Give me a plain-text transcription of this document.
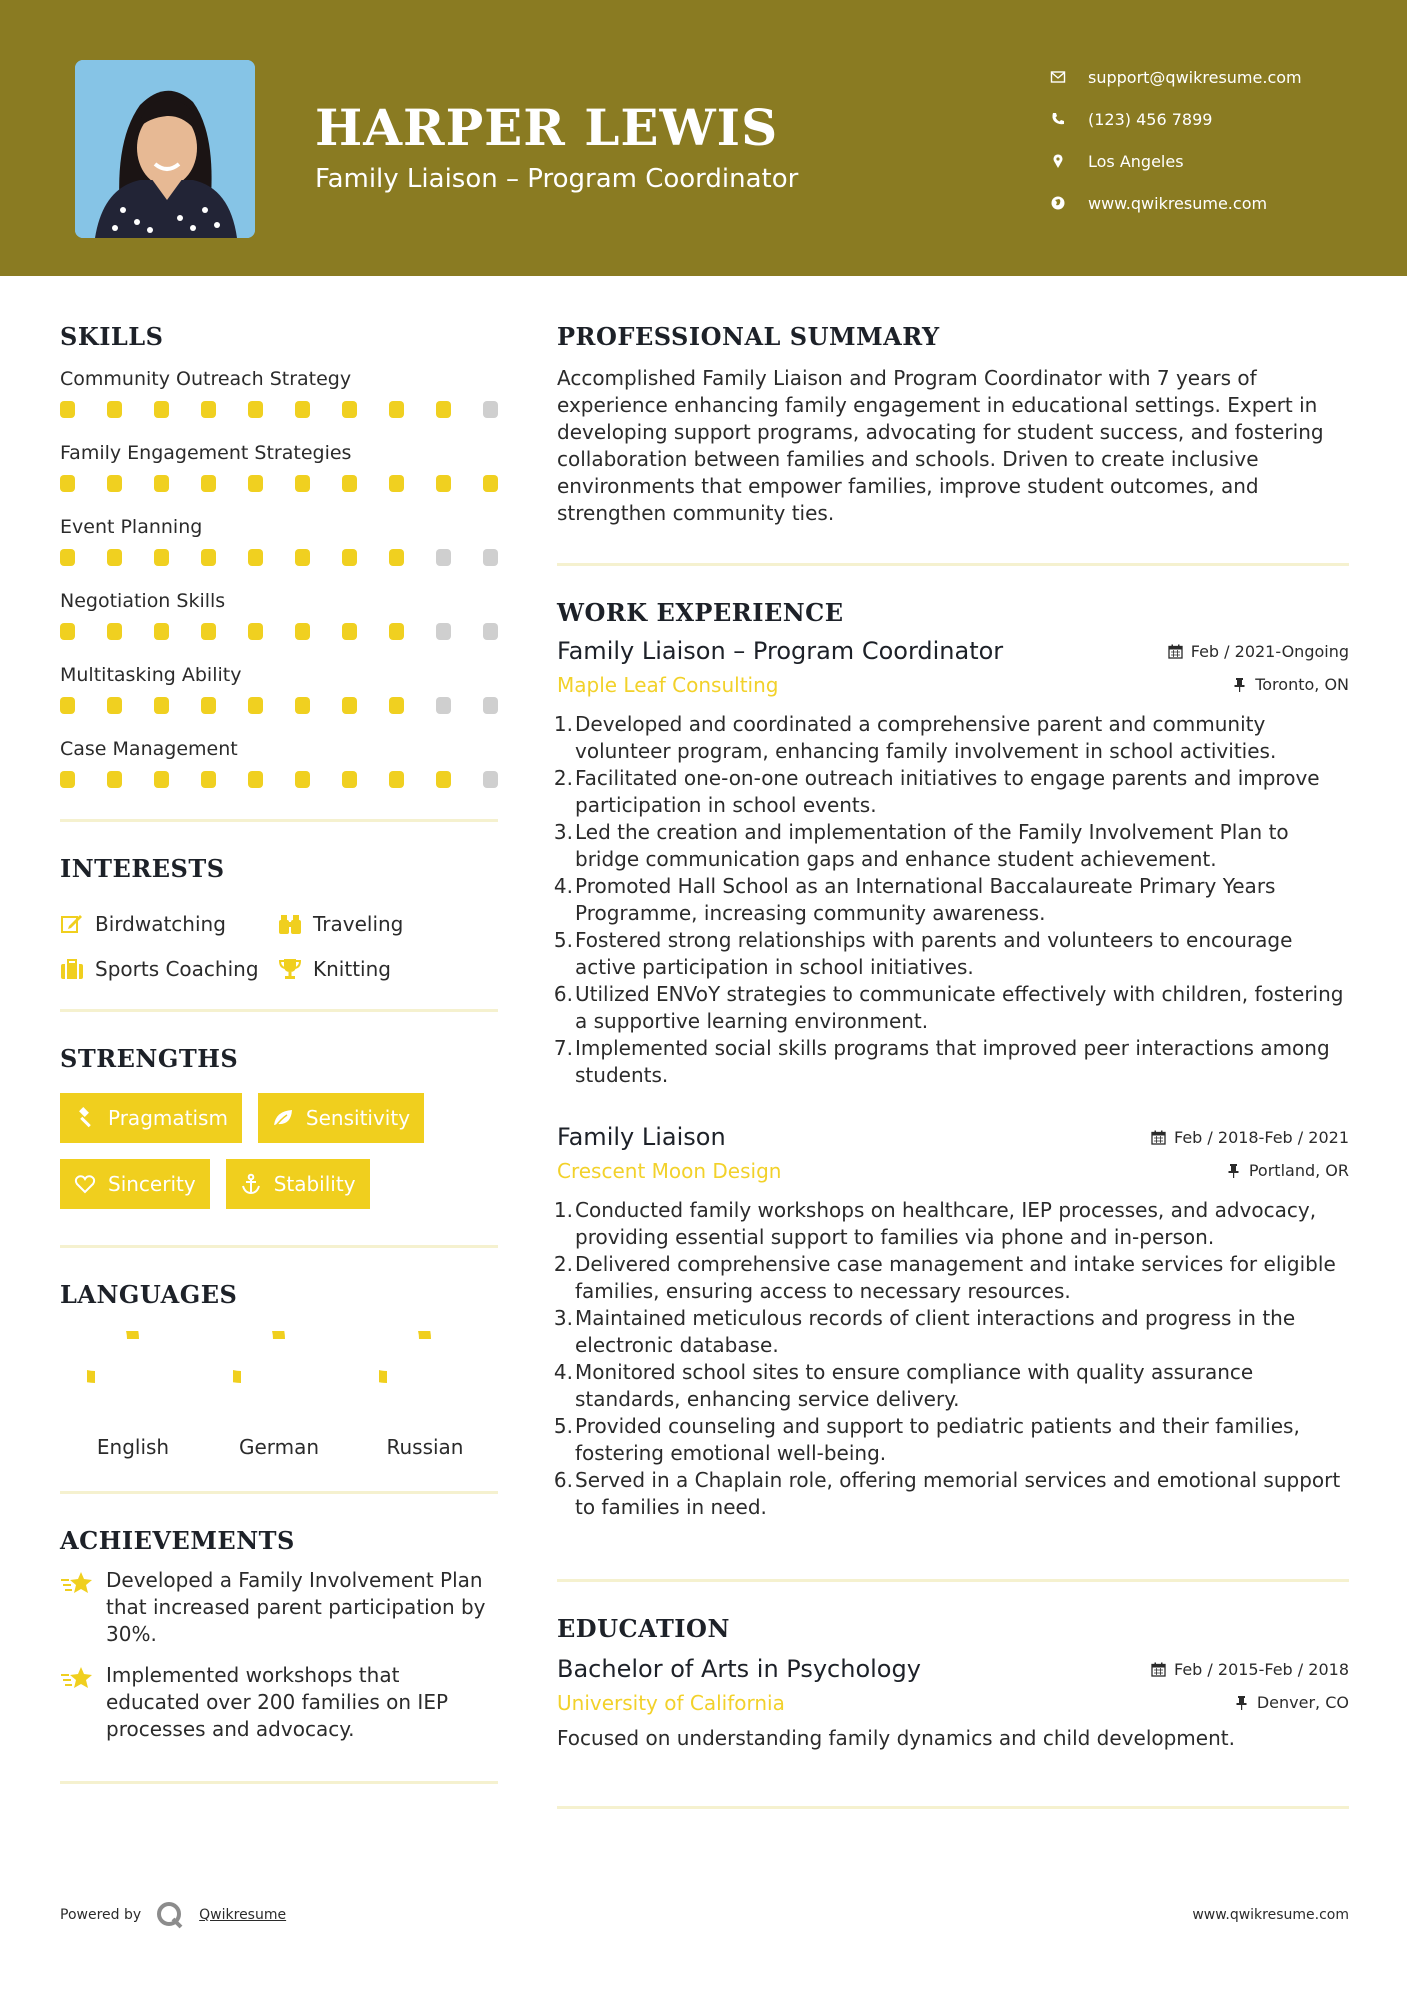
HARPER LEWIS
Family Liaison – Program Coordinator
support@qwikresume.com
(123) 456 7899
Los Angeles
www.qwikresume.com
SKILLS
Community Outreach Strategy
Family Engagement Strategies
Event Planning
Negotiation Skills
Multitasking Ability
Case Management
INTERESTS
Birdwatching	Traveling
Sports Coaching	Knitting
STRENGTHS
Pragmatism	Sensitivity
Sincerity	Stability
LANGUAGES
English	German	Russian
ACHIEVEMENTS
Developed a Family Involvement Plan that increased parent participation by 30%.
Implemented workshops that educated over 200 families on IEP processes and advocacy.
PROFESSIONAL SUMMARY
Accomplished Family Liaison and Program Coordinator with 7 years of experience enhancing family engagement in educational settings. Expert in developing support programs, advocating for student success, and fostering collaboration between families and schools. Driven to create inclusive environments that empower families, improve student outcomes, and strengthen community ties.
WORK EXPERIENCE
Family Liaison – Program Coordinator	Feb / 2021-Ongoing
Maple Leaf Consulting	Toronto, ON
1. Developed and coordinated a comprehensive parent and community volunteer program, enhancing family involvement in school activities.
2. Facilitated one-on-one outreach initiatives to engage parents and improve participation in school events.
3. Led the creation and implementation of the Family Involvement Plan to bridge communication gaps and enhance student achievement.
4. Promoted Hall School as an International Baccalaureate Primary Years Programme, increasing community awareness.
5. Fostered strong relationships with parents and volunteers to encourage active participation in school initiatives.
6. Utilized ENVoY strategies to communicate effectively with children, fostering a supportive learning environment.
7. Implemented social skills programs that improved peer interactions among students.
Family Liaison	Feb / 2018-Feb / 2021
Crescent Moon Design	Portland, OR
1. Conducted family workshops on healthcare, IEP processes, and advocacy, providing essential support to families via phone and in-person.
2. Delivered comprehensive case management and intake services for eligible families, ensuring access to necessary resources.
3. Maintained meticulous records of client interactions and progress in the electronic database.
4. Monitored school sites to ensure compliance with quality assurance standards, enhancing service delivery.
5. Provided counseling and support to pediatric patients and their families, fostering emotional well-being.
6. Served in a Chaplain role, offering memorial services and emotional support to families in need.
EDUCATION
Bachelor of Arts in Psychology	Feb / 2015-Feb / 2018
University of California	Denver, CO
Focused on understanding family dynamics and child development.
Powered by	Qwikresume	www.qwikresume.com
